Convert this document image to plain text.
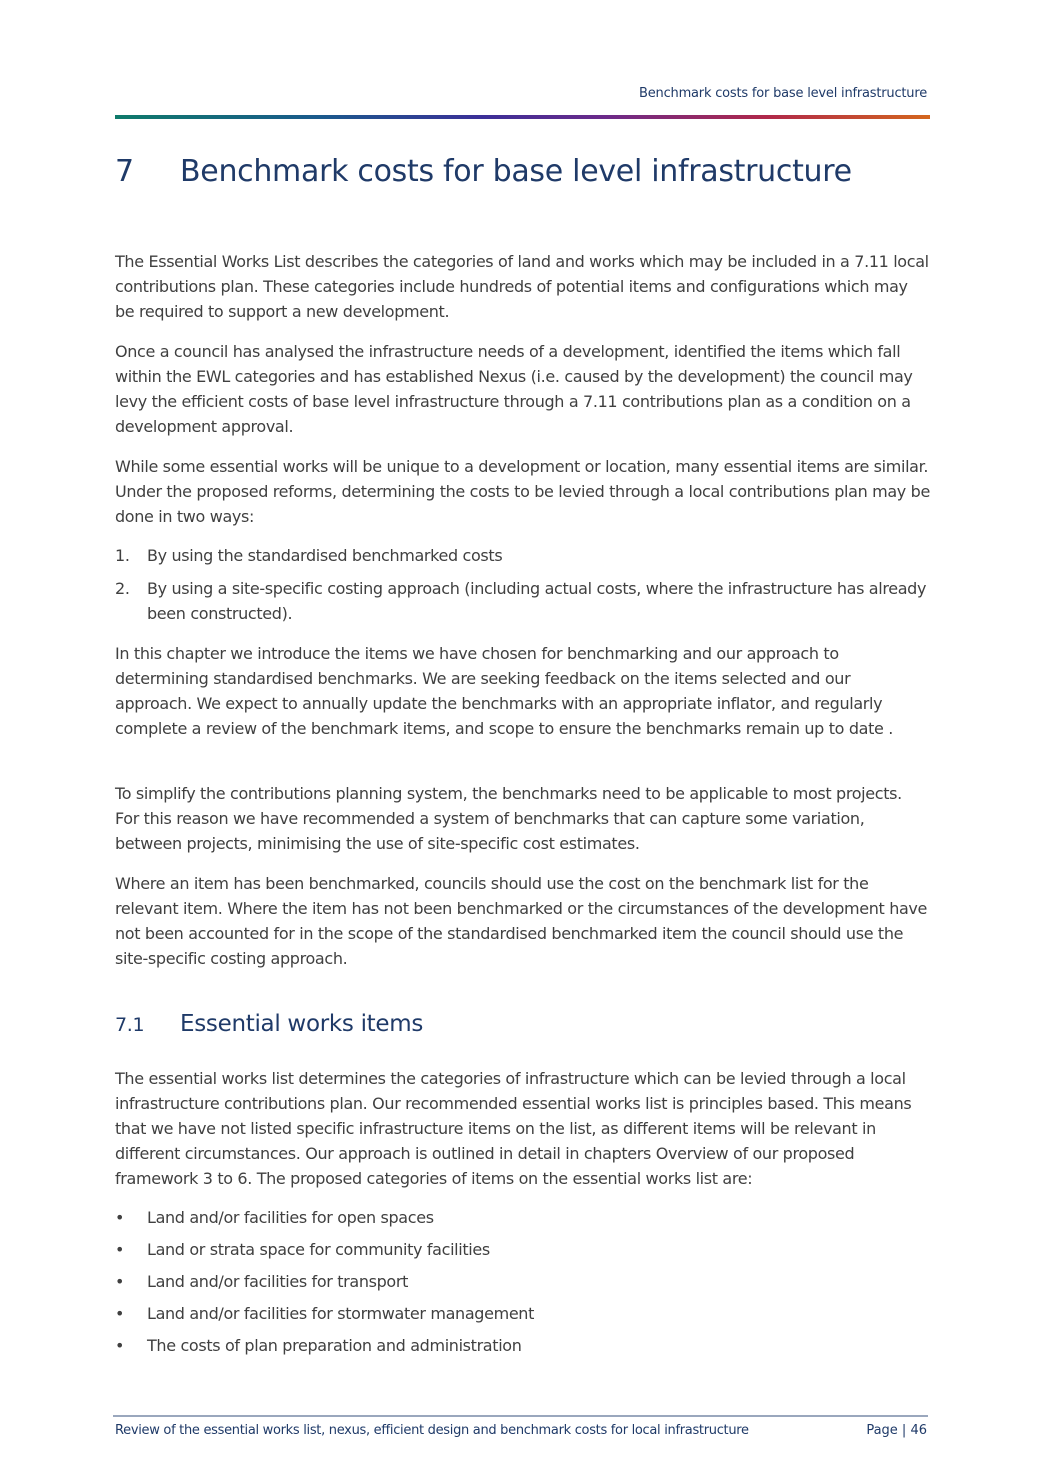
Benchmark costs for base level infrastructure
7 Benchmark costs for base level infrastructure

The Essential Works List describes the categories of land and works which may be included in a 7.11 local contributions plan. These categories include hundreds of potential items and configurations which may be required to support a new development.

Once a council has analysed the infrastructure needs of a development, identified the items which fall within the EWL categories and has established Nexus (i.e. caused by the development) the council may levy the efficient costs of base level infrastructure through a 7.11 contributions plan as a condition on a development approval.

While some essential works will be unique to a development or location, many essential items are similar. Under the proposed reforms, determining the costs to be levied through a local contributions plan may be done in two ways:

1. By using the standardised benchmarked costs
2. By using a site-specific costing approach (including actual costs, where the infrastructure has already been constructed).

In this chapter we introduce the items we have chosen for benchmarking and our approach to determining standardised benchmarks. We are seeking feedback on the items selected and our approach. We expect to annually update the benchmarks with an appropriate inflator, and regularly complete a review of the benchmark items, and scope to ensure the benchmarks remain up to date .

To simplify the contributions planning system, the benchmarks need to be applicable to most projects. For this reason we have recommended a system of benchmarks that can capture some variation, between projects, minimising the use of site-specific cost estimates.

Where an item has been benchmarked, councils should use the cost on the benchmark list for the relevant item. Where the item has not been benchmarked or the circumstances of the development have not been accounted for in the scope of the standardised benchmarked item the council should use the site-specific costing approach.

7.1 Essential works items

The essential works list determines the categories of infrastructure which can be levied through a local infrastructure contributions plan. Our recommended essential works list is principles based. This means that we have not listed specific infrastructure items on the list, as different items will be relevant in different circumstances. Our approach is outlined in detail in chapters Overview of our proposed framework 3 to 6. The proposed categories of items on the essential works list are:

• Land and/or facilities for open spaces
• Land or strata space for community facilities
• Land and/or facilities for transport
• Land and/or facilities for stormwater management
• The costs of plan preparation and administration
Review of the essential works list, nexus, efficient design and benchmark costs for local infrastructure	Page | 46
